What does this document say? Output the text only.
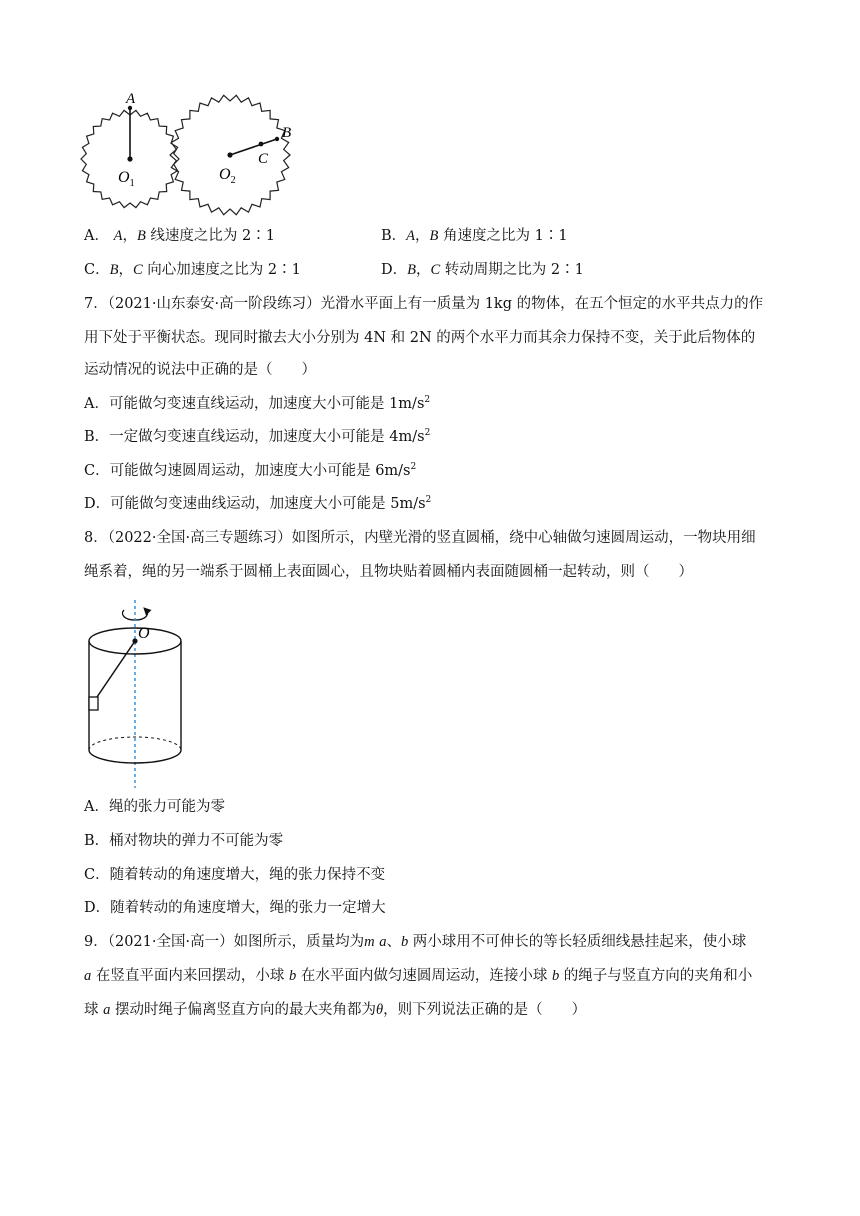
A
B
C
$O_1$
$O_2$
A． A，B 线速度之比为 2∶1	B．A，B 角速度之比为 1∶1
C．B，C 向心加速度之比为 2∶1	D．B，C 转动周期之比为 2∶1
7．（2021·山东泰安·高一阶段练习）光滑水平面上有一质量为 1kg 的物体，在五个恒定的水平共点力的作
用下处于平衡状态。现同时撤去大小分别为 4N 和 2N 的两个水平力而其余力保持不变，关于此后物体的
运动情况的说法中正确的是（　　）
A．可能做匀变速直线运动，加速度大小可能是 $1m/s^2$
B．一定做匀变速直线运动，加速度大小可能是 $4m/s^2$
C．可能做匀速圆周运动，加速度大小可能是 $6m/s^2$
D．可能做匀变速曲线运动，加速度大小可能是 $5m/s^2$
8．（2022·全国·高三专题练习）如图所示，内壁光滑的竖直圆桶，绕中心轴做匀速圆周运动，一物块用细
绳系着，绳的另一端系于圆桶上表面圆心，且物块贴着圆桶内表面随圆桶一起转动，则（　　）
O
A．绳的张力可能为零
B．桶对物块的弹力不可能为零
C．随着转动的角速度增大，绳的张力保持不变
D．随着转动的角速度增大，绳的张力一定增大
9．（2021·全国·高一）如图所示，质量均为m a、b 两小球用不可伸长的等长轻质细线悬挂起来，使小球
a 在竖直平面内来回摆动，小球 b 在水平面内做匀速圆周运动，连接小球 b 的绳子与竖直方向的夹角和小
球 a 摆动时绳子偏离竖直方向的最大夹角都为θ，则下列说法正确的是（　　）
